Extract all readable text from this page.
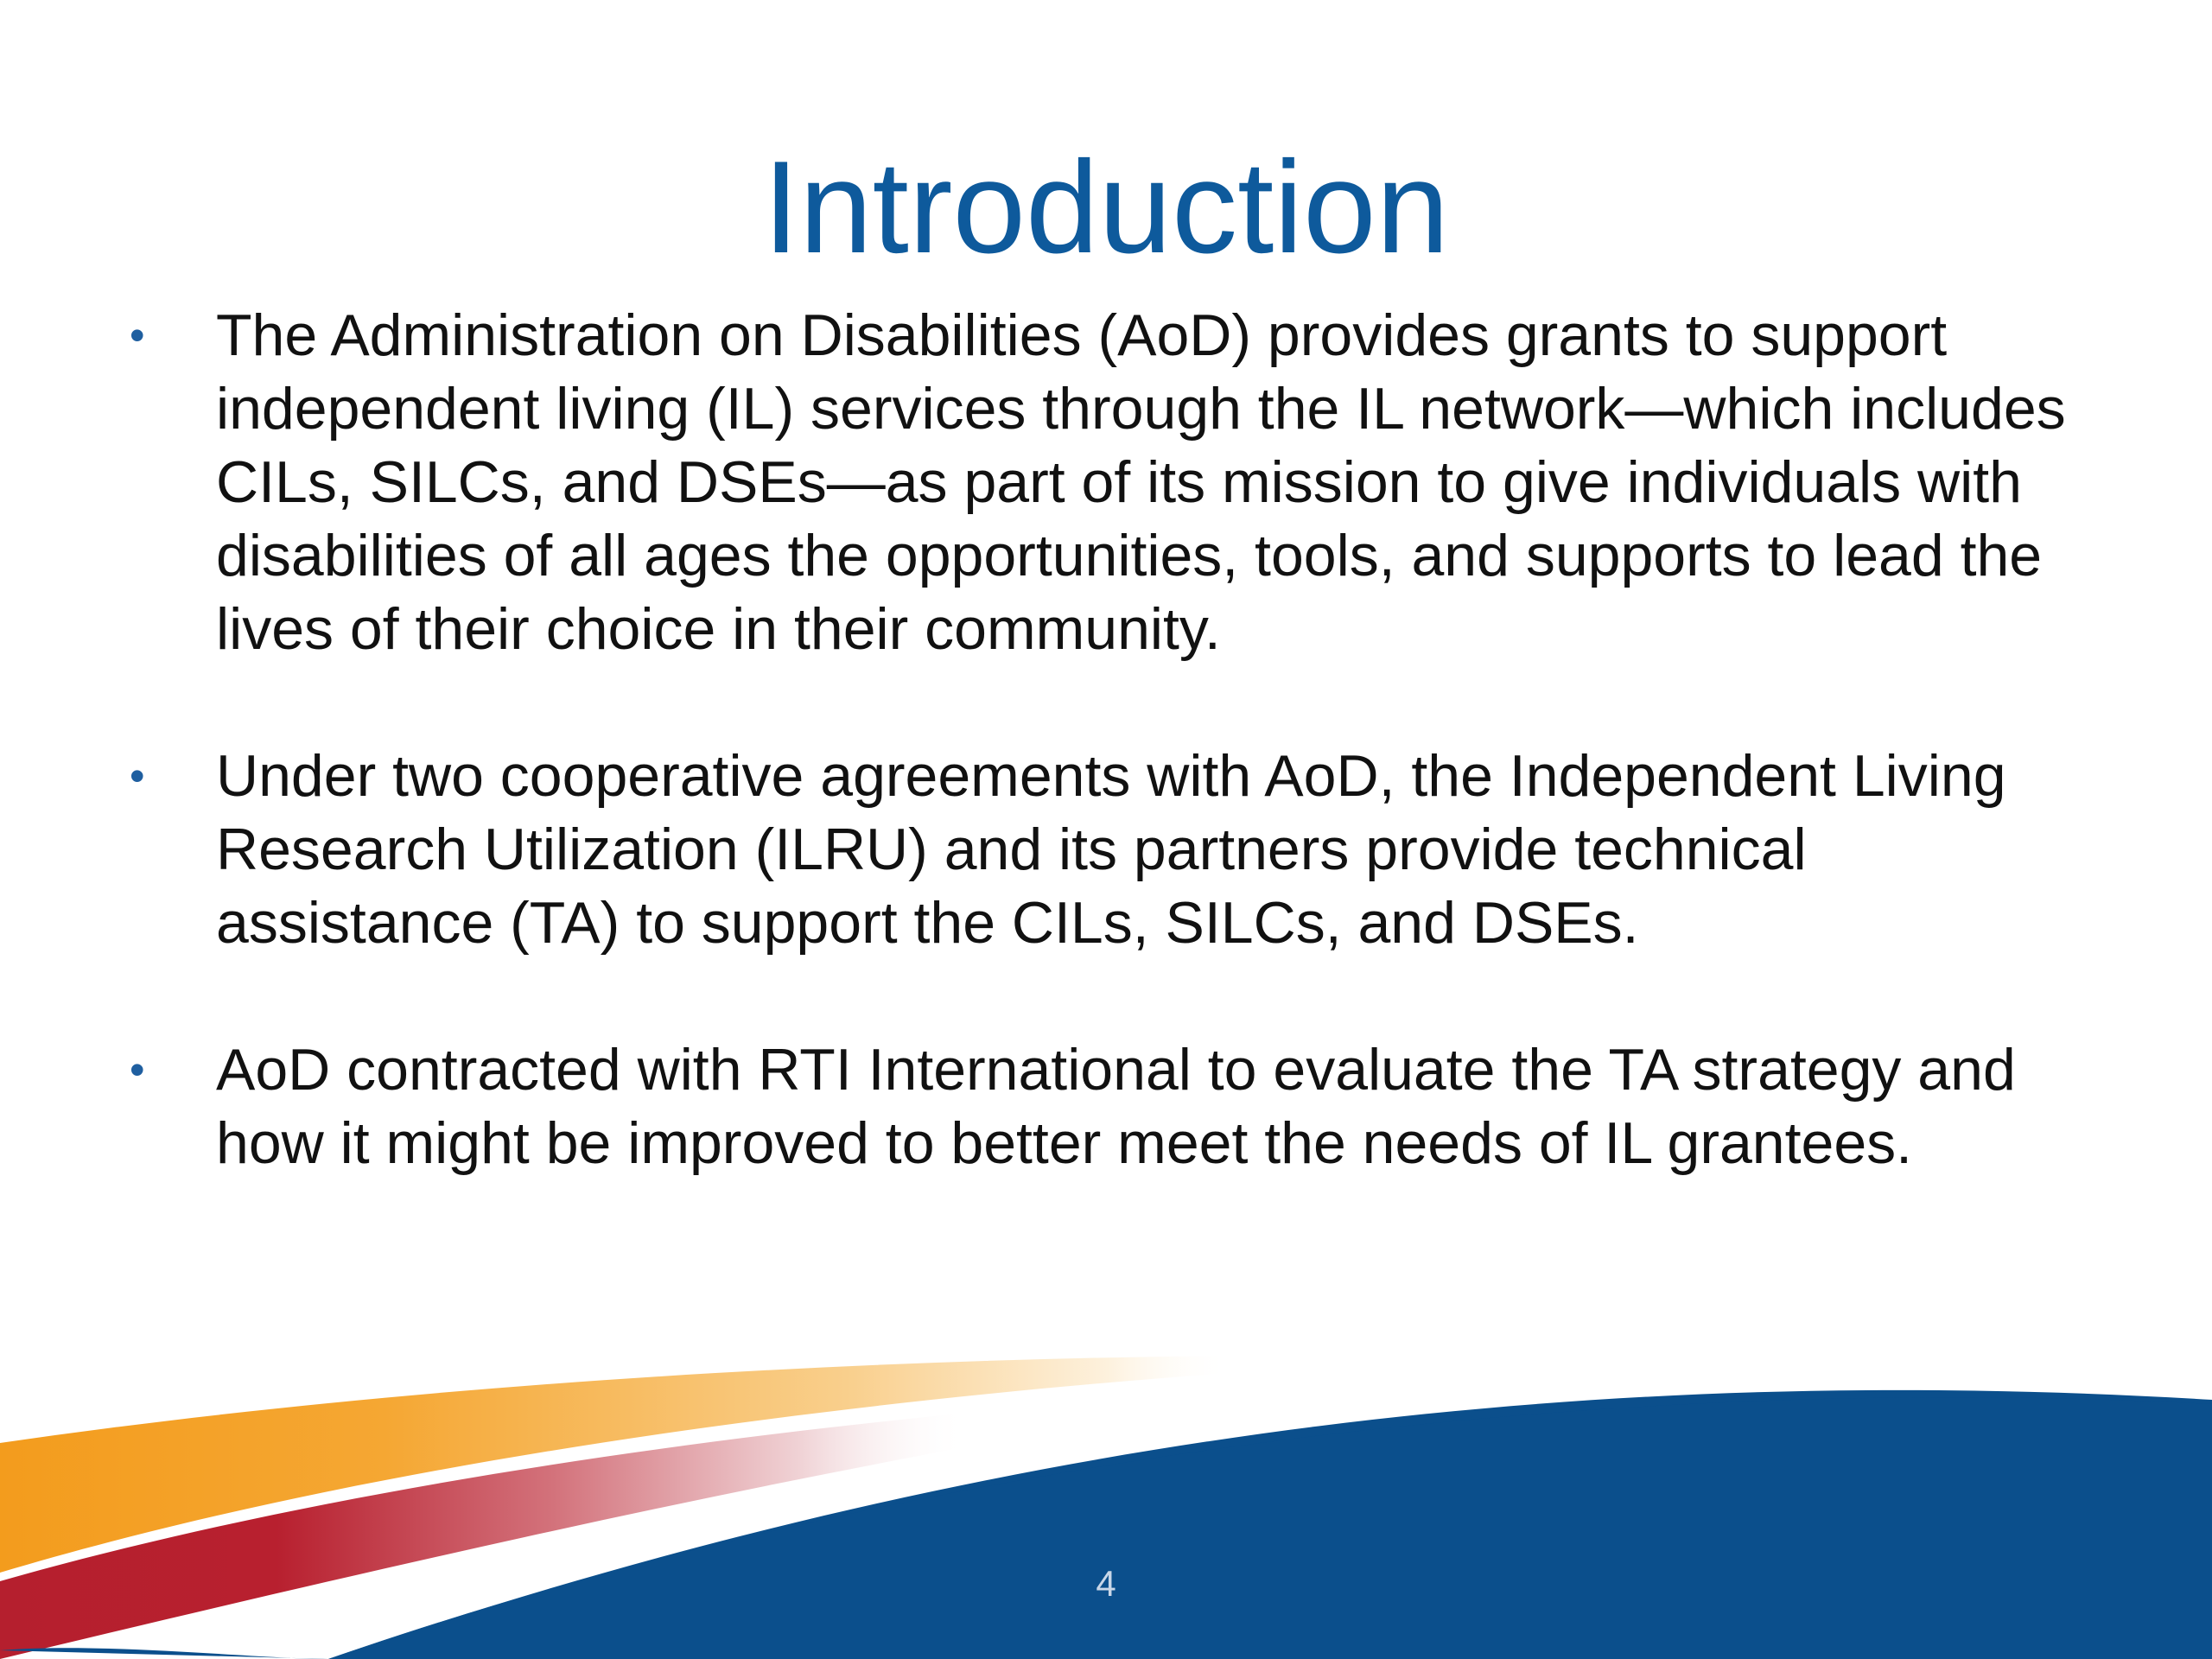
Introduction
•	The Administration on Disabilities (AoD) provides grants to support independent living (IL) services through the IL network—which includes CILs, SILCs, and DSEs—as part of its mission to give individuals with disabilities of all ages the opportunities, tools, and supports to lead the lives of their choice in their community.
•	Under two cooperative agreements with AoD, the Independent Living Research Utilization (ILRU) and its partners provide technical assistance (TA) to support the CILs, SILCs, and DSEs.
•	AoD contracted with RTI International to evaluate the TA strategy and how it might be improved to better meet the needs of IL grantees.
4
